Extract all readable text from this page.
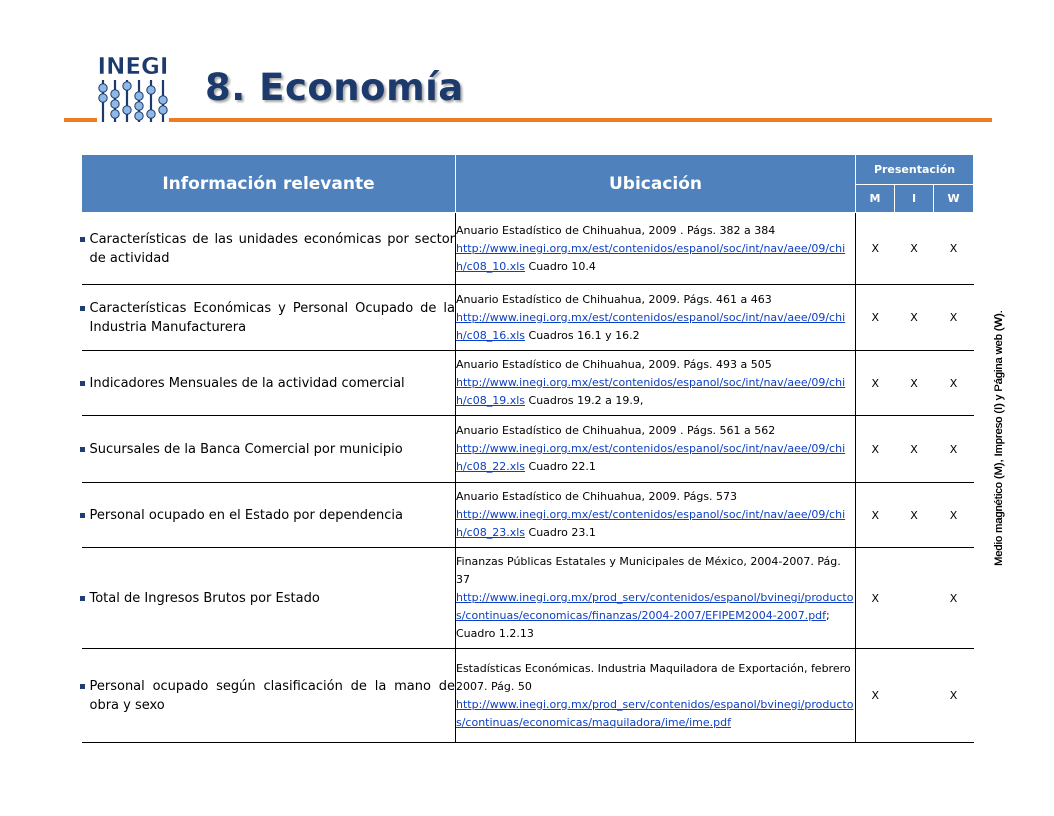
INEGI 8. Economía
Información relevante	Ubicación	Presentación		
		M	I	W

Características de las unidades económicas por sector de actividad	Anuario Estadístico de Chihuahua, 2009 . Págs. 382 a 384
http://www.inegi.org.mx/est/contenidos/espanol/soc/int/nav/aee/09/chih/c08_10.xls Cuadro 10.4	X	X	X

Características Económicas y Personal Ocupado de la Industria Manufacturera	Anuario Estadístico de Chihuahua, 2009. Págs. 461 a 463
http://www.inegi.org.mx/est/contenidos/espanol/soc/int/nav/aee/09/chih/c08_16.xls Cuadros 16.1 y 16.2	X	X	X

Indicadores Mensuales de la actividad comercial	Anuario Estadístico de Chihuahua, 2009. Págs. 493 a 505
http://www.inegi.org.mx/est/contenidos/espanol/soc/int/nav/aee/09/chih/c08_19.xls Cuadros 19.2 a 19.9,	X	X	X

Sucursales de la Banca Comercial por municipio	Anuario Estadístico de Chihuahua, 2009 . Págs. 561 a 562
http://www.inegi.org.mx/est/contenidos/espanol/soc/int/nav/aee/09/chih/c08_22.xls Cuadro 22.1	X	X	X

Personal ocupado en el Estado por dependencia	Anuario Estadístico de Chihuahua, 2009. Págs. 573
http://www.inegi.org.mx/est/contenidos/espanol/soc/int/nav/aee/09/chih/c08_23.xls Cuadro 23.1	X	X	X

Total de Ingresos Brutos por Estado	Finanzas Públicas Estatales y Municipales de México, 2004-2007. Pág. 37
http://www.inegi.org.mx/prod_serv/contenidos/espanol/bvinegi/productos/continuas/economicas/finanzas/2004-2007/EFIPEM2004-2007.pdf; Cuadro 1.2.13	X		X

Personal ocupado según clasificación de la mano de obra y sexo	Estadísticas Económicas. Industria Maquiladora de Exportación, febrero 2007. Pág. 50
http://www.inegi.org.mx/prod_serv/contenidos/espanol/bvinegi/productos/continuas/economicas/maquiladora/ime/ime.pdf	X		X
Medio magnético (M), Impreso (I) y Página web (W).
